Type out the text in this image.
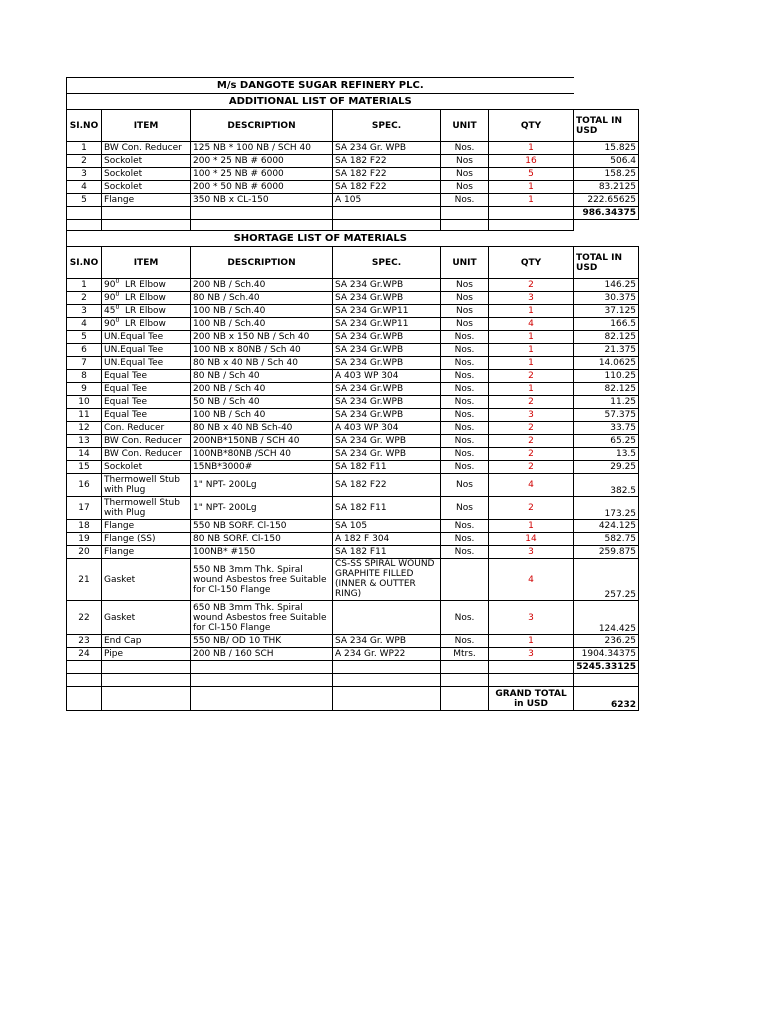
M/s DANGOTE SUGAR REFINERY PLC.						
ADDITIONAL LIST OF MATERIALS						
SI.NO	ITEM	DESCRIPTION	SPEC.	UNIT	QTY	TOTAL IN USD
1	BW Con. Reducer	125 NB * 100 NB / SCH 40	SA 234 Gr. WPB	Nos.	1	15.825
2	Sockolet	200 * 25 NB # 6000	SA 182 F22	Nos	16	506.4
3	Sockolet	100 * 25 NB # 6000	SA 182 F22	Nos	5	158.25
4	Sockolet	200 * 50 NB # 6000	SA 182 F22	Nos	1	83.2125
5	Flange	350 NB x CL-150	A 105	Nos.	1	222.65625
						986.34375

SHORTAGE LIST OF MATERIALS						
SI.NO	ITEM	DESCRIPTION	SPEC.	UNIT	QTY	TOTAL IN USD
1	$90^0$ LR Elbow	200 NB / Sch.40	SA 234 Gr.WPB	Nos	2	146.25
2	$90^0$ LR Elbow	80 NB / Sch.40	SA 234 Gr.WPB	Nos	3	30.375
3	$45^0$ LR Elbow	100 NB / Sch.40	SA 234 Gr.WP11	Nos	1	37.125
4	$90^0$ LR Elbow	100 NB / Sch.40	SA 234 Gr.WP11	Nos	4	166.5
5	UN.Equal Tee	200 NB x 150 NB / Sch 40	SA 234 Gr.WPB	Nos.	1	82.125
6	UN.Equal Tee	100 NB x 80NB / Sch 40	SA 234 Gr.WPB	Nos.	1	21.375
7	UN.Equal Tee	80 NB x 40 NB / Sch 40	SA 234 Gr.WPB	Nos.	1	14.0625
8	Equal Tee	80 NB / Sch 40	A 403 WP 304	Nos.	2	110.25
9	Equal Tee	200 NB / Sch 40	SA 234 Gr.WPB	Nos.	1	82.125
10	Equal Tee	50 NB / Sch 40	SA 234 Gr.WPB	Nos.	2	11.25
11	Equal Tee	100 NB / Sch 40	SA 234 Gr.WPB	Nos.	3	57.375
12	Con. Reducer	80 NB x 40 NB Sch-40	A 403 WP 304	Nos.	2	33.75
13	BW Con. Reducer	200NB*150NB / SCH 40	SA 234 Gr. WPB	Nos.	2	65.25
14	BW Con. Reducer	100NB*80NB /SCH 40	SA 234 Gr. WPB	Nos.	2	13.5
15	Sockolet	15NB*3000#	SA 182 F11	Nos.	2	29.25
16	Thermowell Stub with Plug	1" NPT- 200Lg	SA 182 F22	Nos	4	382.5
17	Thermowell Stub with Plug	1" NPT- 200Lg	SA 182 F11	Nos	2	173.25
18	Flange	550 NB SORF. Cl-150	SA 105	Nos.	1	424.125
19	Flange (SS)	80 NB SORF. Cl-150	A 182 F 304	Nos.	14	582.75
20	Flange	100NB* #150	SA 182 F11	Nos.	3	259.875
21	Gasket	550 NB 3mm Thk. Spiral wound Asbestos free Suitable for Cl-150 Flange	CS-SS SPIRAL WOUND GRAPHITE FILLED (INNER & OUTTER RING)		4	257.25
22	Gasket	650 NB 3mm Thk. Spiral wound Asbestos free Suitable for Cl-150 Flange		Nos.	3	124.425
23	End Cap	550 NB/ OD 10 THK	SA 234 Gr. WPB	Nos.	1	236.25
24	Pipe	200 NB / 160 SCH	A 234 Gr. WP22	Mtrs.	3	1904.34375
						5245.33125

					GRAND TOTAL in USD	6232
